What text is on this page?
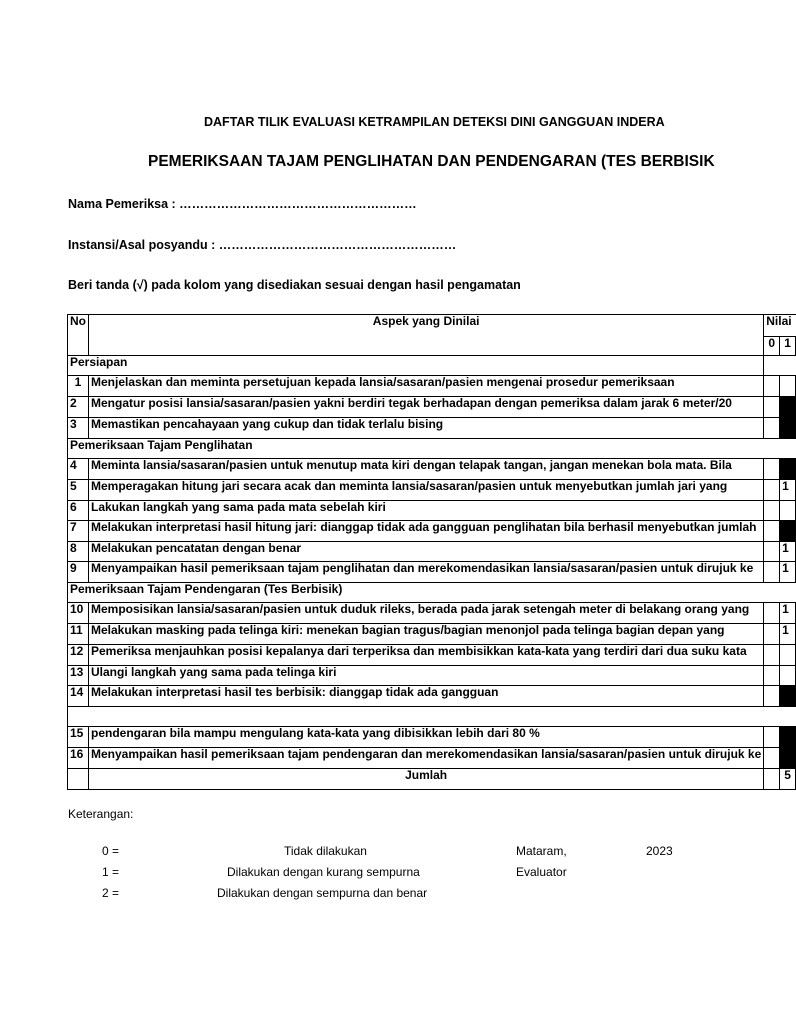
DAFTAR TILIK EVALUASI KETRAMPILAN DETEKSI DINI GANGGUAN INDERA
PEMERIKSAAN TAJAM PENGLIHATAN DAN PENDENGARAN (TES BERBISIK
Nama Pemeriksa : …………………………………………………
Instansi/Asal posyandu : …………………………………………………
Beri tanda (√) pada kolom yang disediakan sesuai dengan hasil pengamatan
No	Aspek yang Dinilai	Nilai	
		0	1
Persiapan			
1	Menjelaskan dan meminta persetujuan kepada lansia/sasaran/pasien mengenai prosedur pemeriksaan		

2	Mengatur posisi lansia/sasaran/pasien yakni berdiri tegak berhadapan dengan pemeriksa dalam jarak 6 meter/20		

3	Memastikan pencahayaan yang cukup dan tidak terlalu bising		

Pemeriksaan Tajam Penglihatan			
4	Meminta lansia/sasaran/pasien untuk menutup mata kiri dengan telapak tangan, jangan menekan bola mata. Bila		

5	Memperagakan hitung jari secara acak dan meminta lansia/sasaran/pasien untuk menyebutkan jumlah jari yang		1
6	Lakukan langkah yang sama pada mata sebelah kiri		
7	Melakukan interpretasi hasil hitung jari: dianggap tidak ada gangguan penglihatan bila berhasil menyebutkan jumlah		

8	Melakukan pencatatan dengan benar		1
9	Menyampaikan hasil pemeriksaan tajam penglihatan dan merekomendasikan lansia/sasaran/pasien untuk dirujuk ke		1
Pemeriksaan Tajam Pendengaran (Tes Berbisik)			
10	Memposisikan lansia/sasaran/pasien untuk duduk rileks, berada pada jarak setengah meter di belakang orang yang		1
11	Melakukan masking pada telinga kiri: menekan bagian tragus/bagian menonjol pada telinga bagian depan yang		1
12	Pemeriksa menjauhkan posisi kepalanya dari terperiksa dan membisikkan kata-kata yang terdiri dari dua suku kata		

13	Ulangi langkah yang sama pada telinga kiri		
14	Melakukan interpretasi hasil tes berbisik: dianggap tidak ada gangguan		

15	pendengaran bila mampu mengulang kata-kata yang dibisikkan lebih dari 80 %		

16	Menyampaikan hasil pemeriksaan tajam pendengaran dan merekomendasikan lansia/sasaran/pasien untuk dirujuk ke		

	Jumlah		5
Keterangan:
0 =	Tidak dilakukan
1 =	Dilakukan dengan kurang sempurna
2 =	Dilakukan dengan sempurna dan benar
Mataram,	2023
Evaluator
